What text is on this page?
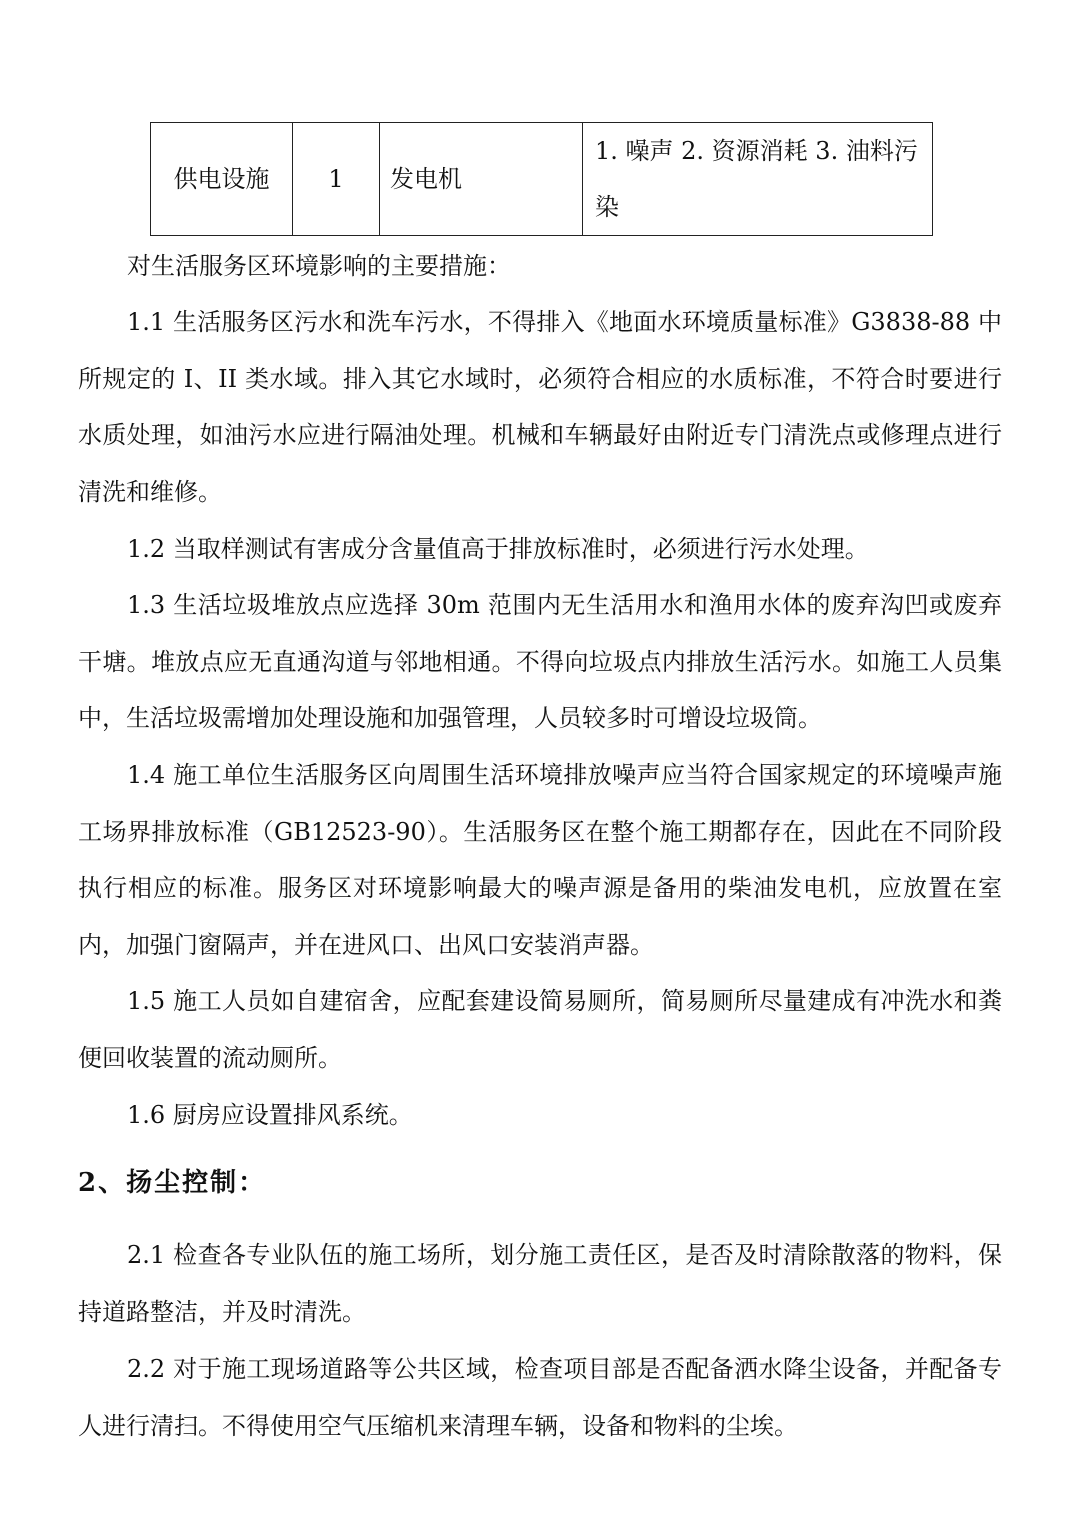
供电设施	1	发电机	1. 噪声 2. 资源消耗 3. 油料污染

对生活服务区环境影响的主要措施：

1.1 生活服务区污水和洗车污水，不得排入《地面水环境质量标准》G3838-88 中所规定的 I、II 类水域。排入其它水域时，必须符合相应的水质标准，不符合时要进行水质处理，如油污水应进行隔油处理。机械和车辆最好由附近专门清洗点或修理点进行清洗和维修。

1.2 当取样测试有害成分含量值高于排放标准时，必须进行污水处理。

1.3 生活垃圾堆放点应选择 30m 范围内无生活用水和渔用水体的废弃沟凹或废弃干塘。堆放点应无直通沟道与邻地相通。不得向垃圾点内排放生活污水。如施工人员集中，生活垃圾需增加处理设施和加强管理，人员较多时可增设垃圾筒。

1.4 施工单位生活服务区向周围生活环境排放噪声应当符合国家规定的环境噪声施工场界排放标准（GB12523-90）。生活服务区在整个施工期都存在，因此在不同阶段执行相应的标准。服务区对环境影响最大的噪声源是备用的柴油发电机，应放置在室内，加强门窗隔声，并在进风口、出风口安装消声器。

1.5 施工人员如自建宿舍，应配套建设简易厕所，简易厕所尽量建成有冲洗水和粪便回收装置的流动厕所。

1.6 厨房应设置排风系统。

2、扬尘控制：

2.1 检查各专业队伍的施工场所，划分施工责任区，是否及时清除散落的物料，保持道路整洁，并及时清洗。

2.2 对于施工现场道路等公共区域，检查项目部是否配备洒水降尘设备，并配备专人进行清扫。不得使用空气压缩机来清理车辆，设备和物料的尘埃。
